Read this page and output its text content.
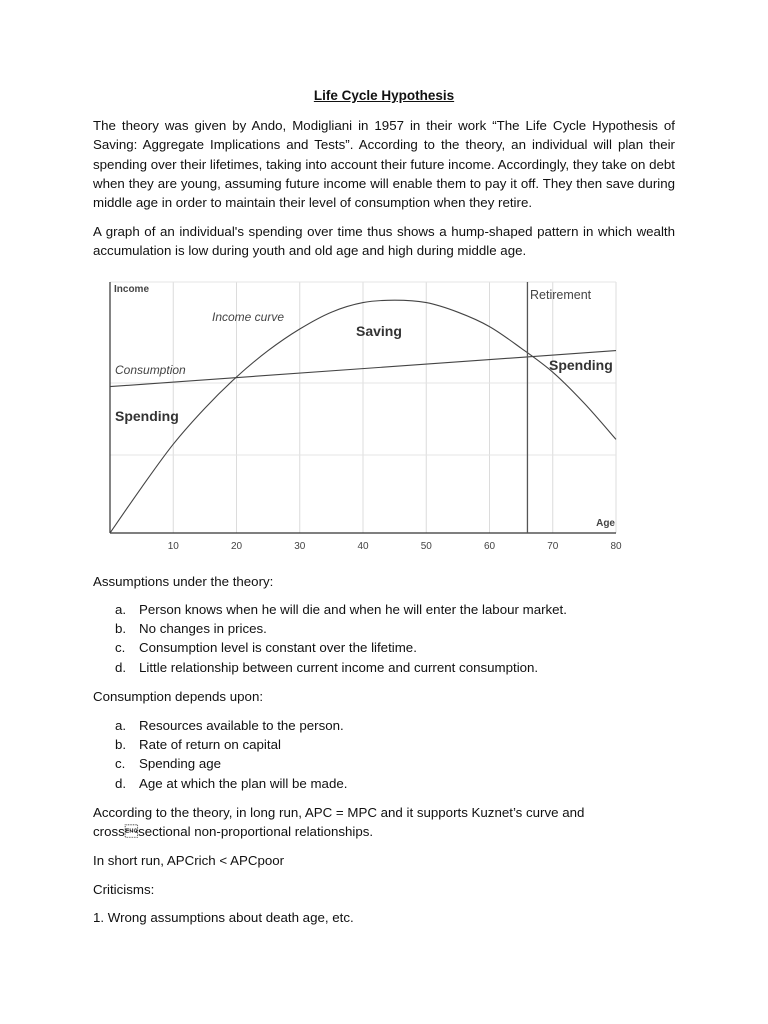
Life Cycle Hypothesis

The theory was given by Ando, Modigliani in 1957 in their work “The Life Cycle Hypothesis of Saving: Aggregate Implications and Tests”. According to the theory, an individual will plan their spending over their lifetimes, taking into account their future income. Accordingly, they take on debt when they are young, assuming future income will enable them to pay it off. They then save during middle age in order to maintain their level of consumption when they retire.

A graph of an individual's spending over time thus shows a hump-shaped pattern in which wealth accumulation is low during youth and old age and high during middle age.

10	20	30	40	50	60	70	80
Income
Age
Retirement
Income curve
Saving
Consumption
Spending
Spending

Assumptions under the theory:

a. Person knows when he will die and when he will enter the labour market.
b. No changes in prices.
c. Consumption level is constant over the lifetime.
d. Little relationship between current income and current consumption.

Consumption depends upon:

a. Resources available to the person.
b. Rate of return on capital
c. Spending age
d. Age at which the plan will be made.

According to the theory, in long run, APC = MPC and it supports Kuznet’s curve and crosssectional non-proportional relationships.

In short run, APCrich < APCpoor

Criticisms:

1. Wrong assumptions about death age, etc.
